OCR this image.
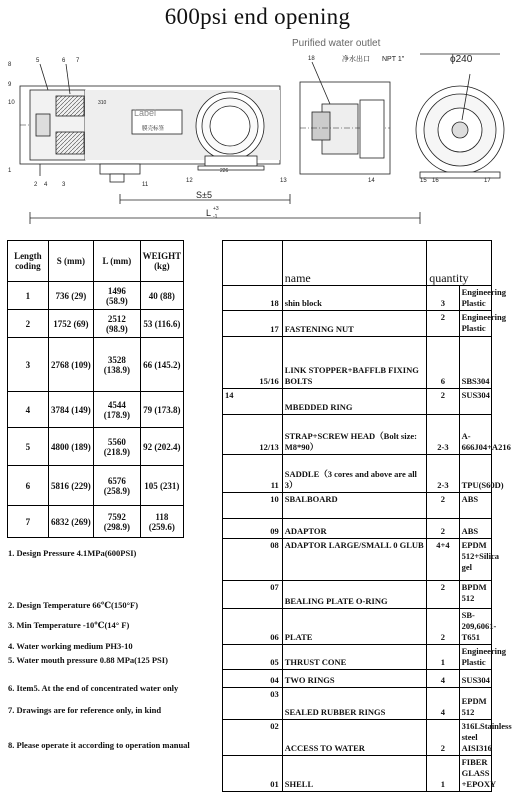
600psi end opening
Purified water outlet
净水出口 NPT 1"	ϕ240
Label
膜壳标签
S±5
L +3
-1
310
226
5	6 7
8
9
10
1
2	3
4	11
12	13	14	15 16	17
18
Length coding	S (mm)	L (mm)	WEIGHT (kg)
1	736 (29)	1496 (58.9)	40 (88)
2	1752 (69)	2512 (98.9)	53 (116.6)
3	2768 (109)	3528 (138.9)	66 (145.2)
4	3784 (149)	4544 (178.9)	79 (173.8)
5	4800 (189)	5560 (218.9)	92 (202.4)
6	5816 (229)	6576 (258.9)	105 (231)
7	6832 (269)	7592 (298.9)	118 (259.6)
1. Design Pressure 4.1MPa(600PSI)
2. Design Temperature 66℃(150°F)
3. Min Temperature -10℃(14° F)
4. Water working medium PH3-10
5. Water mouth pressure 0.88 MPa(125 PSI)
6. Item5. At the end of concentrated water only
7. Drawings are for reference only, in kind
8. Please operate it according to operation manual
	name	quantity	
18	shin block	3	Engineering Plastic
17	FASTENING NUT	2	Engineering Plastic
15/16	LINK STOPPER+BAFFLB FIXING BOLTS	6	SBS304
14	MBEDDED RING	2	SUS304
12/13	STRAP+SCREW HEAD（Bolt size: M8*90）	2-3	A-666J04+A216
11	SADDLE（3 cores and above are all 3）	2-3	TPU(S60D)
10	SBALBOARD	2	ABS
09	ADAPTOR	2	ABS
08	ADAPTOR LARGE/SMALL 0 GLUB	4+4	EPDM 512+Silica gel
07	BEALING PLATE O-RING	2	BPDM 512
06	PLATE	2	SB-209,6061-T651
05	THRUST CONE	1	Engineering Plastic
04	TWO RINGS	4	SUS304
03	SEALED RUBBER RINGS	4	EPDM 512
02	ACCESS TO WATER	2	316LStainless steel AISI316
01	SHELL	1	FIBER GLASS +EPOXY
